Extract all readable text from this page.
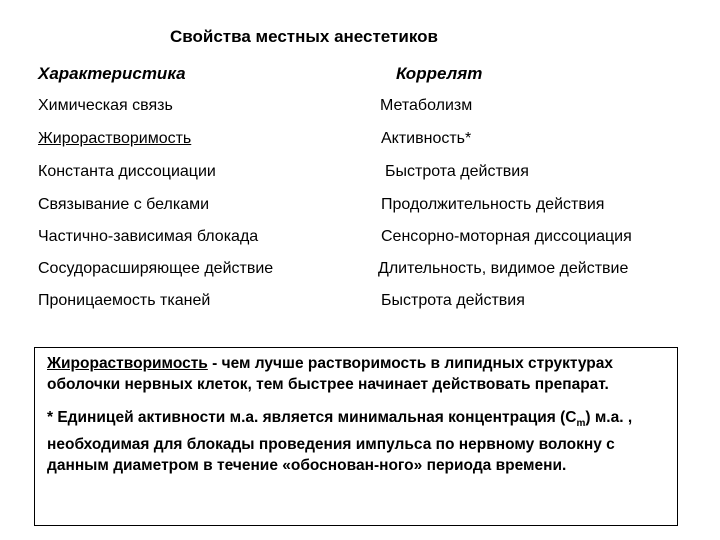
Свойства местных анестетиков
Характеристика	Коррелят
Химическая связь	Метаболизм
Жирорастворимость	Активность*
Константа диссоциации	Быстрота действия
Связывание с белками	Продолжительность действия
Частично-зависимая блокада	Сенсорно-моторная диссоциация
Сосудорасширяющее действие	Длительность, видимое действие
Проницаемость тканей	Быстрота действия

Жирорастворимость - чем лучше растворимость в липидных структурах оболочки нервных клеток, тем быстрее начинает действовать препарат.

* Единицей активности м.а. является минимальная концентрация $(C_m)$ м.а. , необходимая для блокады проведения импульса по нервному волокну с данным диаметром в течение «обоснован-ного» периода времени.
